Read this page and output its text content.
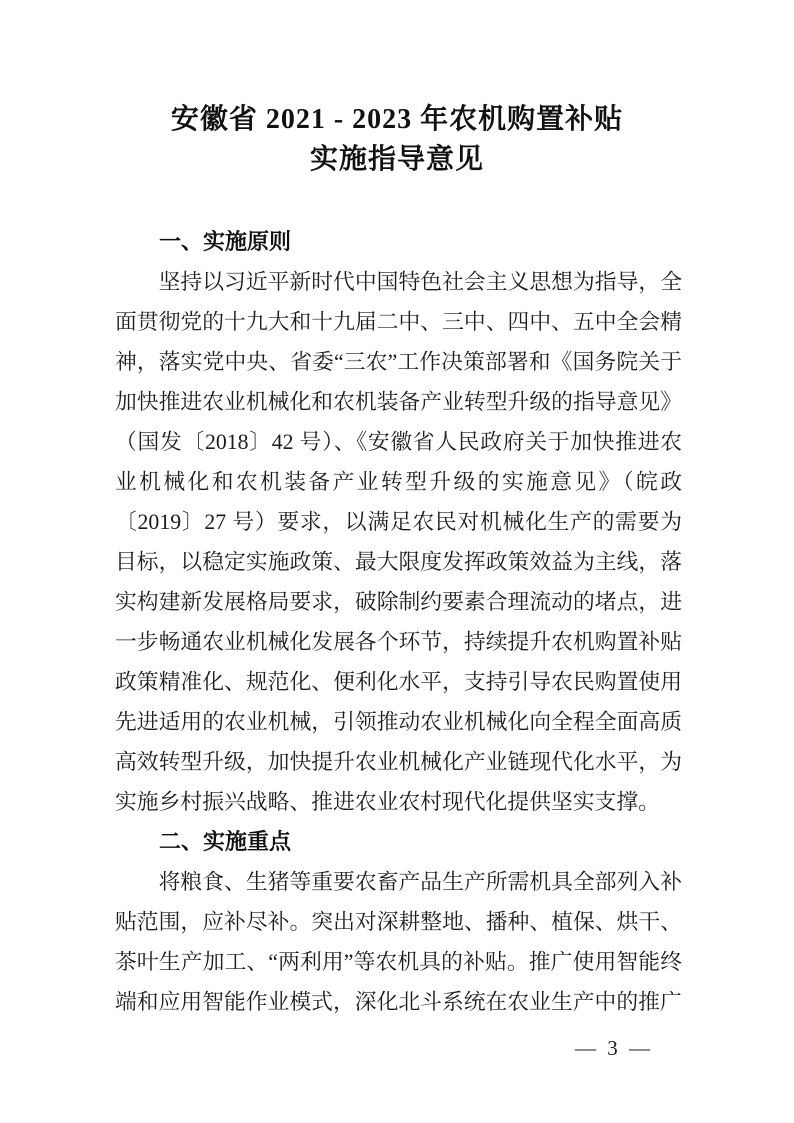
安徽省 2021 - 2023 年农机购置补贴
实施指导意见
一、实施原则

坚持以习近平新时代中国特色社会主义思想为指导，全面贯彻党的十九大和十九届二中、三中、四中、五中全会精神，落实党中央、省委“三农”工作决策部署和《国务院关于加快推进农业机械化和农机装备产业转型升级的指导意见》（国发〔2018〕42 号）、《安徽省人民政府关于加快推进农业机械化和农机装备产业转型升级的实施意见》（皖政〔2019〕27 号）要求，以满足农民对机械化生产的需要为目标，以稳定实施政策、最大限度发挥政策效益为主线，落实构建新发展格局要求，破除制约要素合理流动的堵点，进一步畅通农业机械化发展各个环节，持续提升农机购置补贴政策精准化、规范化、便利化水平，支持引导农民购置使用先进适用的农业机械，引领推动农业机械化向全程全面高质高效转型升级，加快提升农业机械化产业链现代化水平，为实施乡村振兴战略、推进农业农村现代化提供坚实支撑。

二、实施重点

将粮食、生猪等重要农畜产品生产所需机具全部列入补贴范围，应补尽补。突出对深耕整地、播种、植保、烘干、茶叶生产加工、“两利用”等农机具的补贴。推广使用智能终端和应用智能作业模式，深化北斗系统在农业生产中的推广

— 3 —
